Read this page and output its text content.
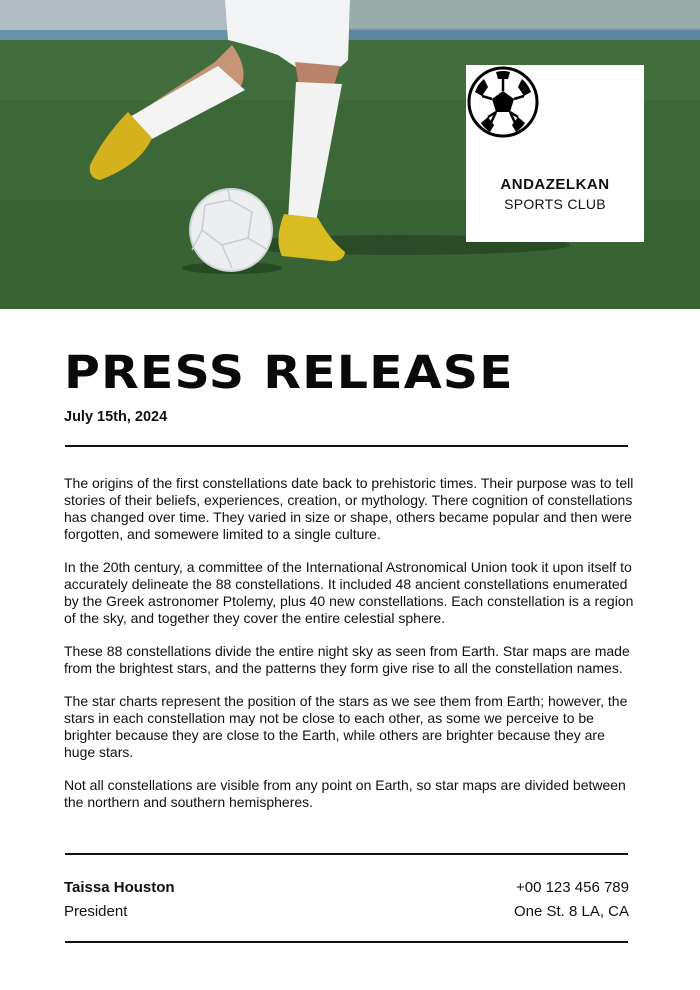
ANDAZELKAN
SPORTS CLUB
PRESS RELEASE
July 15th, 2024

The origins of the first constellations date back to prehistoric times. Their purpose was to tell stories of their beliefs, experiences, creation, or mythology. There cognition of constellations has changed over time. They varied in size or shape, others became popular and then were forgotten, and somewere limited to a single culture.

In the 20th century, a committee of the International Astronomical Union took it upon itself to accurately delineate the 88 constellations. It included 48 ancient constellations enumerated by the Greek astronomer Ptolemy, plus 40 new constellations. Each constellation is a region of the sky, and together they cover the entire celestial sphere.

These 88 constellations divide the entire night sky as seen from Earth. Star maps are made from the brightest stars, and the patterns they form give rise to all the constellation names.

The star charts represent the position of the stars as we see them from Earth; however, the stars in each constellation may not be close to each other, as some we perceive to be brighter because they are close to the Earth, while others are brighter because they are huge stars.

Not all constellations are visible from any point on Earth, so star maps are divided between the northern and southern hemispheres.

Taissa Houston
President
+00 123 456 789
One St. 8 LA, CA
